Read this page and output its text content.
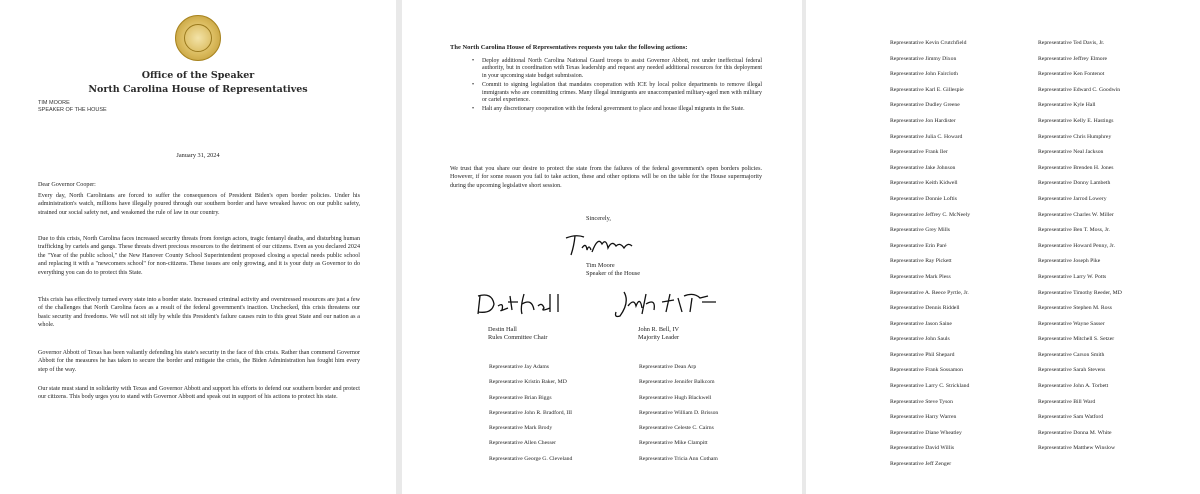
Office of the Speaker
North Carolina House of Representatives
TIM MOORE
SPEAKER OF THE HOUSE
January 31, 2024

Dear Governor Cooper:

Every day, North Carolinians are forced to suffer the consequences of President Biden's open border policies. Under his administration's watch, millions have illegally poured through our southern border and have wreaked havoc on our public safety, strained our social safety net, and weakened the rule of law in our country.

Due to this crisis, North Carolina faces increased security threats from foreign actors, tragic fentanyl deaths, and disturbing human trafficking by cartels and gangs. These threats divert precious resources to the detriment of our citizens. Even as you declared 2024 the "Year of the public school," the New Hanover County School Superintendent proposed closing a special needs public school and replacing it with a "newcomers school" for non-citizens. These issues are only growing, and it is your duty as Governor to do everything you can do to protect this State.

This crisis has effectively turned every state into a border state. Increased criminal activity and overstressed resources are just a few of the challenges that North Carolina faces as a result of the federal government's inaction. Unchecked, this crisis threatens our basic security and freedoms. We will not sit idly by while this President's failure causes ruin to this great State and our nation as a whole.

Governor Abbott of Texas has been valiantly defending his state's security in the face of this crisis. Rather than commend Governor Abbott for the measures he has taken to secure the border and mitigate the crisis, the Biden Administration has fought him every step of the way.

Our state must stand in solidarity with Texas and Governor Abbott and support his efforts to defend our southern border and protect our citizens. This body urges you to stand with Governor Abbott and speak out in support of his actions to protect his state.

The North Carolina House of Representatives requests you take the following actions:
• Deploy additional North Carolina National Guard troops to assist Governor Abbott, not under ineffectual federal authority, but in coordination with Texas leadership and request any needed additional resources for this deployment in your upcoming state budget submission.
• Commit to signing legislation that mandates cooperation with ICE by local police departments to remove illegal immigrants who are committing crimes. Many illegal immigrants are unaccompanied military-aged men with military or cartel experience.
• Halt any discretionary cooperation with the federal government to place and house illegal migrants in the State.

We trust that you share our desire to protect the state from the failures of the federal government's open borders policies. However, if for some reason you fail to take action, these and other options will be on the table for the House supermajority during the upcoming legislative short session.

Sincerely,
Tim Moore
Speaker of the House
Destin Hall
Rules Committee Chair
John R. Bell, IV
Majority Leader
Representative Jay Adams
Representative Kristin Baker, MD
Representative Brian Biggs
Representative John R. Bradford, III
Representative Mark Brody
Representative Allen Chesser
Representative George G. Cleveland
Representative Dean Arp
Representative Jennifer Balkcom
Representative Hugh Blackwell
Representative William D. Brisson
Representative Celeste C. Cairns
Representative Mike Clampitt
Representative Tricia Ann Cotham
Representative Kevin Crutchfield
Representative Jimmy Dixon
Representative John Faircloth
Representative Karl E. Gillespie
Representative Dudley Greene
Representative Jon Hardister
Representative Julia C. Howard
Representative Frank Iler
Representative Jake Johnson
Representative Keith Kidwell
Representative Donnie Loftis
Representative Jeffrey C. McNeely
Representative Grey Mills
Representative Erin Paré
Representative Ray Pickett
Representative Mark Pless
Representative A. Reece Pyrtle, Jr.
Representative Dennis Riddell
Representative Jason Saine
Representative John Sauls
Representative Phil Shepard
Representative Frank Sossamon
Representative Larry C. Strickland
Representative Steve Tyson
Representative Harry Warren
Representative Diane Wheatley
Representative David Willis
Representative Jeff Zenger
Representative Ted Davis, Jr.
Representative Jeffrey Elmore
Representative Ken Fontenot
Representative Edward C. Goodwin
Representative Kyle Hall
Representative Kelly E. Hastings
Representative Chris Humphrey
Representative Neal Jackson
Representative Brenden H. Jones
Representative Donny Lambeth
Representative Jarrod Lowery
Representative Charles W. Miller
Representative Ben T. Moss, Jr.
Representative Howard Penny, Jr.
Representative Joseph Pike
Representative Larry W. Potts
Representative Timothy Reeder, MD
Representative Stephen M. Ross
Representative Wayne Sasser
Representative Mitchell S. Setzer
Representative Carson Smith
Representative Sarah Stevens
Representative John A. Torbett
Representative Bill Ward
Representative Sam Watford
Representative Donna M. White
Representative Matthew Winslow
